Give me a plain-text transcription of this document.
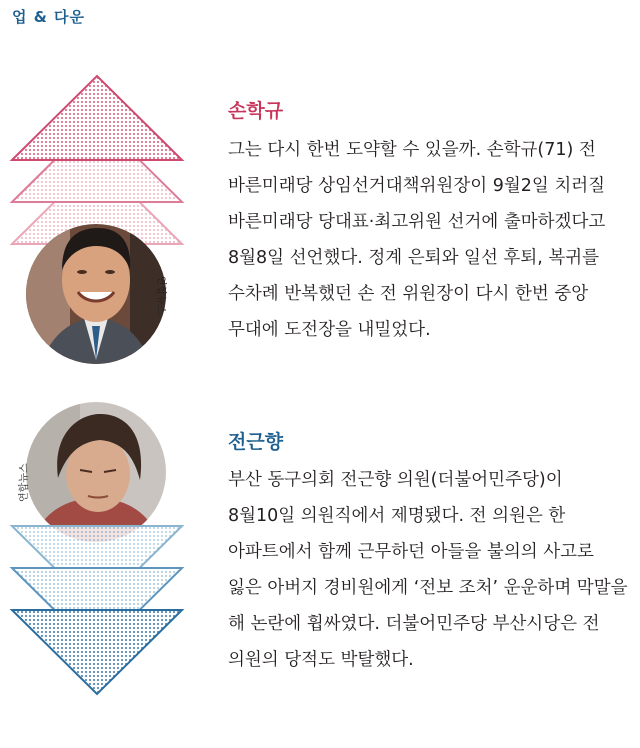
업 & 다운
연합뉴스
손학규

그는 다시 한번 도약할 수 있을까. 손학규(71) 전 바른미래당 상임선거대책위원장이 9월2일 치러질 바른미래당 당대표·최고위원 선거에 출마하겠다고 8월8일 선언했다. 정계 은퇴와 일선 후퇴, 복귀를 수차례 반복했던 손 전 위원장이 다시 한번 중앙 무대에 도전장을 내밀었다.

연합뉴스
전근향

부산 동구의회 전근향 의원(더불어민주당)이 8월10일 의원직에서 제명됐다. 전 의원은 한 아파트에서 함께 근무하던 아들을 불의의 사고로 잃은 아버지 경비원에게 ‘전보 조처’ 운운하며 막말을 해 논란에 휩싸였다. 더불어민주당 부산시당은 전 의원의 당적도 박탈했다.
